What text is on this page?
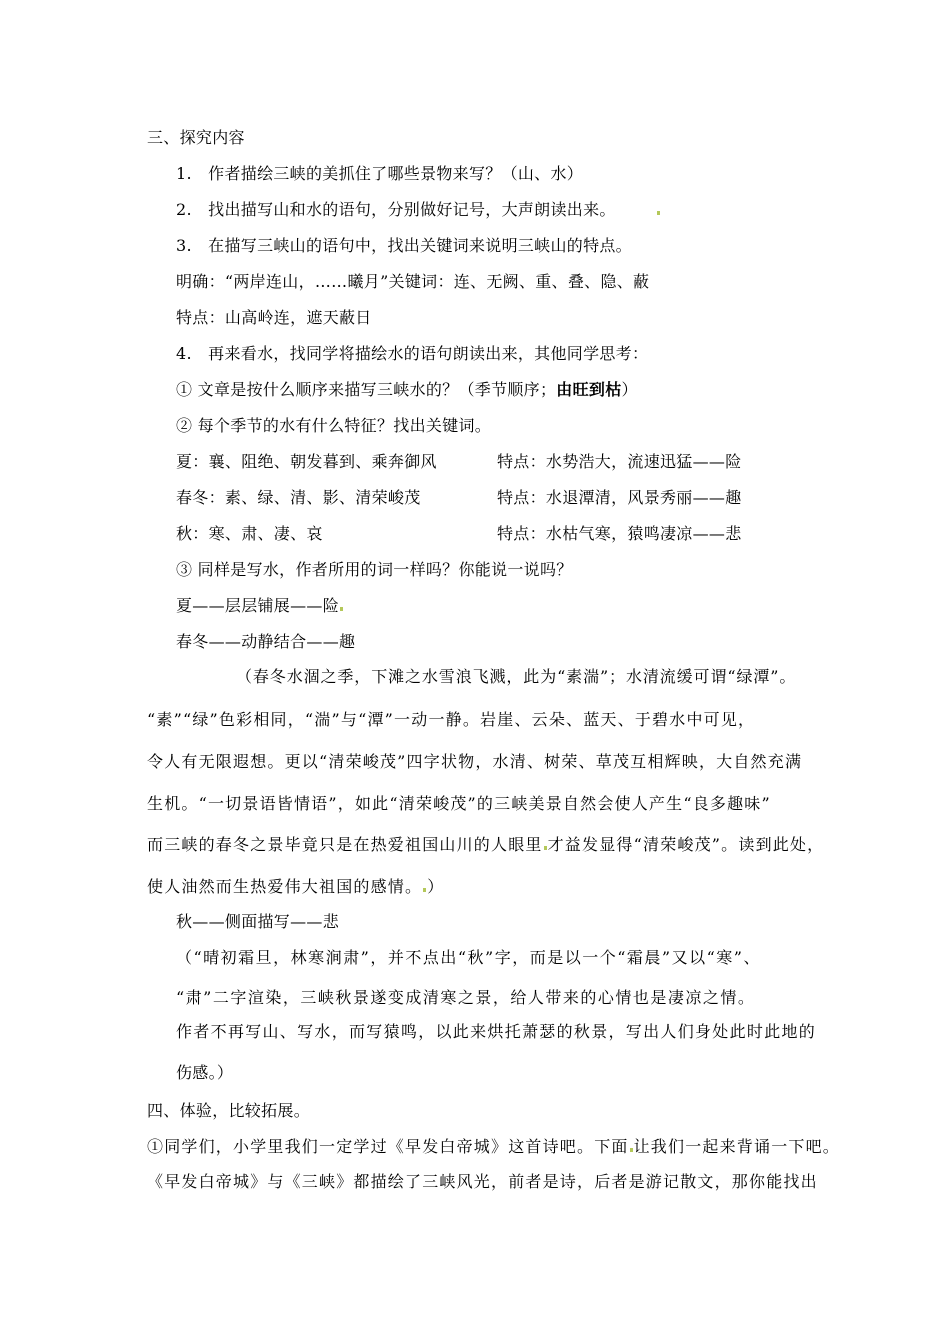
三、探究内容
1.　作者描绘三峡的美抓住了哪些景物来写？（山、水）
2.　找出描写山和水的语句，分别做好记号，大声朗读出来。
3.　在描写三峡山的语句中，找出关键词来说明三峡山的特点。
明确：“两岸连山，……曦月”关键词：连、无阙、重、叠、隐、蔽
特点：山高岭连，遮天蔽日
4.　再来看水，找同学将描绘水的语句朗读出来，其他同学思考：
① 文章是按什么顺序来描写三峡水的？（季节顺序；由旺到枯）
② 每个季节的水有什么特征？找出关键词。
夏：襄、阻绝、朝发暮到、乘奔御风	特点：水势浩大，流速迅猛——险
春冬：素、绿、清、影、清荣峻茂	特点：水退潭清，风景秀丽——趣
秋：寒、肃、凄、哀	特点：水枯气寒，猿鸣凄凉——悲
③ 同样是写水，作者所用的词一样吗？你能说一说吗？
夏——层层铺展——险
春冬——动静结合——趣
（春冬水涸之季，下滩之水雪浪飞溅，此为“素湍”；水清流缓可谓“绿潭”。
“素”“绿”色彩相同，“湍”与“潭”一动一静。岩崖、云朵、蓝天、于碧水中可见，
令人有无限遐想。更以“清荣峻茂”四字状物，水清、树荣、草茂互相辉映，大自然充满
生机。“一切景语皆情语”，如此“清荣峻茂”的三峡美景自然会使人产生“良多趣味”
而三峡的春冬之景毕竟只是在热爱祖国山川的人眼里 才益发显得“清荣峻茂”。读到此处，
使人油然而生热爱伟大祖国的感情。 ）
秋——侧面描写——悲
（“晴初霜旦，林寒涧肃”，并不点出“秋”字，而是以一个“霜晨”又以“寒”、
“肃”二字渲染，三峡秋景遂变成清寒之景，给人带来的心情也是凄凉之情。
作者不再写山、写水，而写猿鸣，以此来烘托萧瑟的秋景，写出人们身处此时此地的
伤感。）
四、体验，比较拓展。
①同学们，小学里我们一定学过《早发白帝城》这首诗吧。下面 让我们一起来背诵一下吧。
《早发白帝城》与《三峡》都描绘了三峡风光，前者是诗，后者是游记散文，那你能找出
